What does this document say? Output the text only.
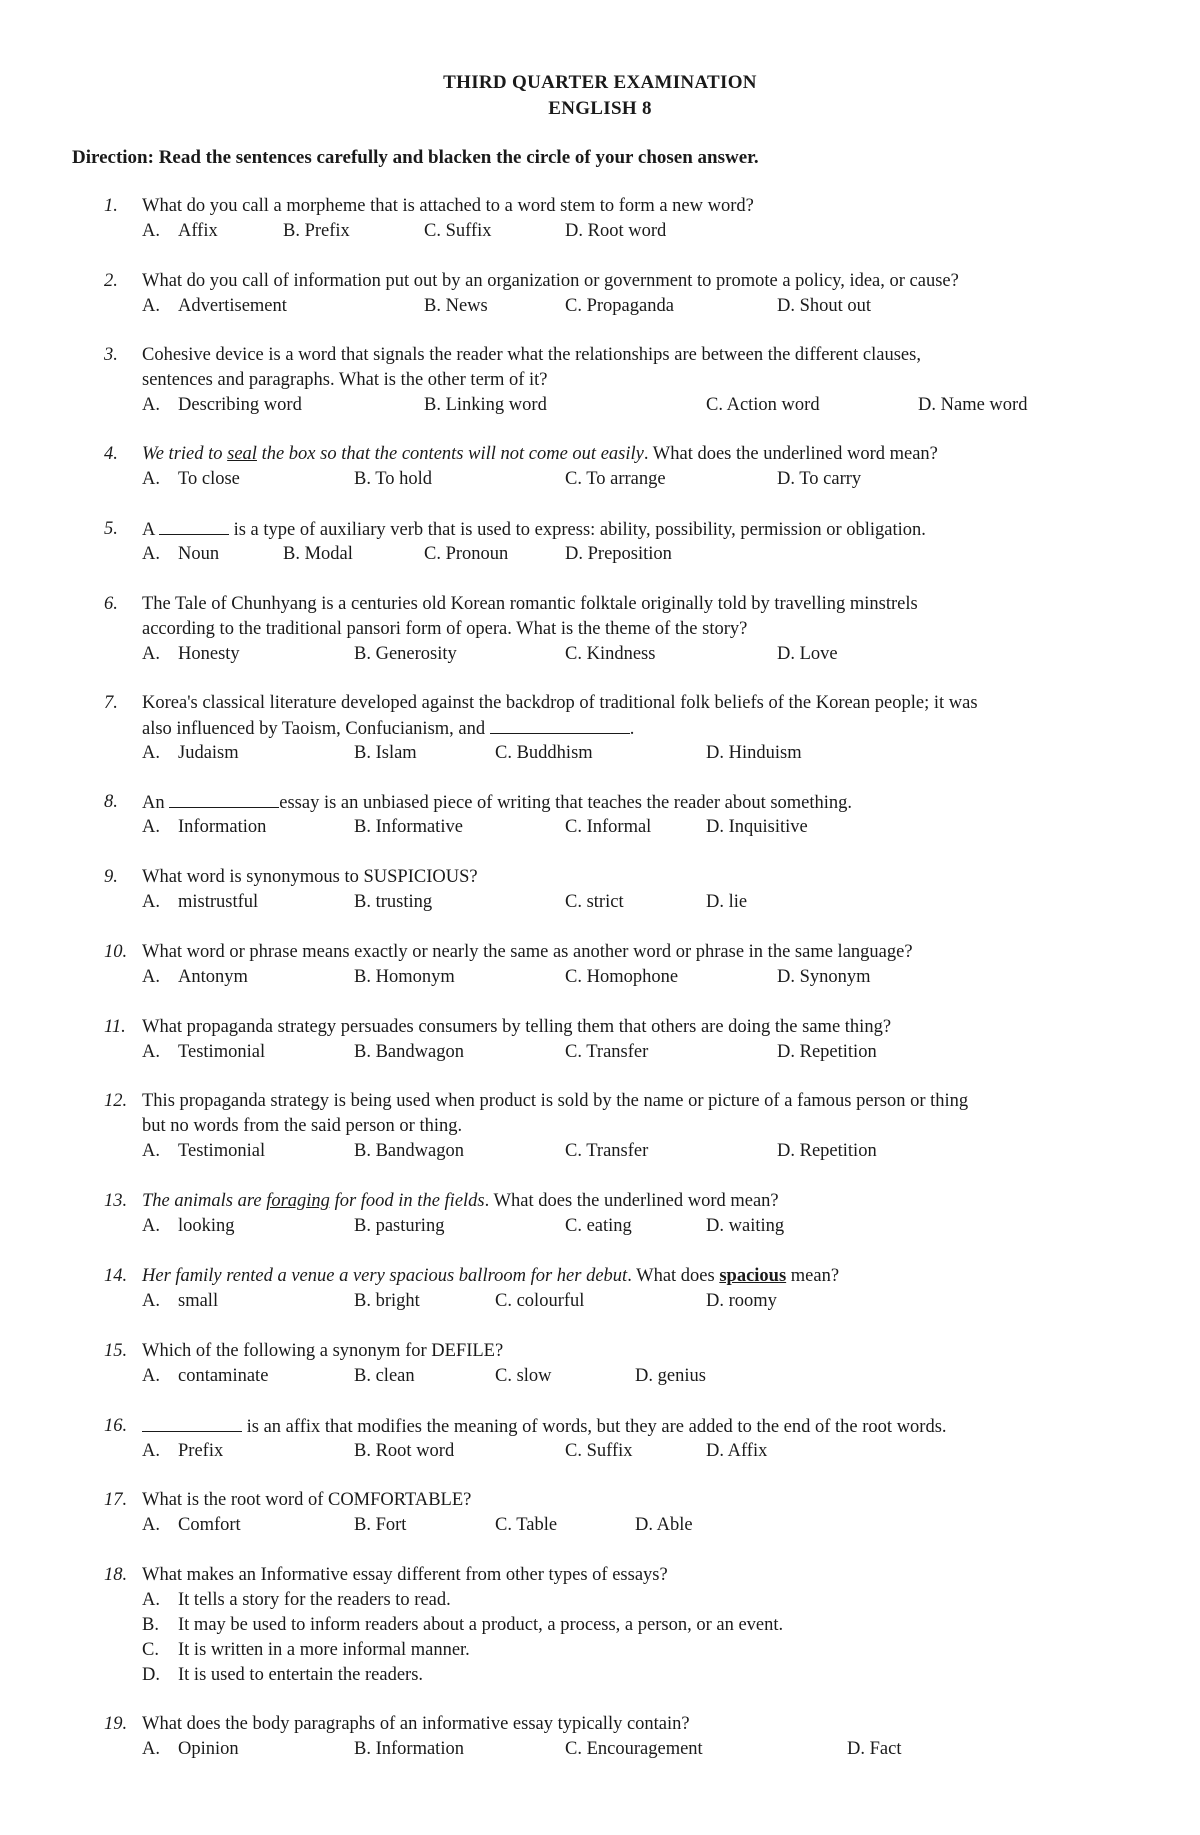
THIRD QUARTER EXAMINATION
ENGLISH 8
Direction: Read the sentences carefully and blacken the circle of your chosen answer.
1. What do you call a morpheme that is attached to a word stem to form a new word?
A. Affix	B. Prefix	C. Suffix	D. Root word
2. What do you call of information put out by an organization or government to promote a policy, idea, or cause?
A. Advertisement	B. News	C. Propaganda	D. Shout out
3. Cohesive device is a word that signals the reader what the relationships are between the different clauses,
sentences and paragraphs. What is the other term of it?
A. Describing word	B. Linking word	C. Action word	D. Name word
4. We tried to seal the box so that the contents will not come out easily. What does the underlined word mean?
A. To close	B. To hold	C. To arrange	D. To carry
5. A	is a type of auxiliary verb that is used to express: ability, possibility, permission or obligation.
A. Noun	B. Modal	C. Pronoun	D. Preposition
6. The Tale of Chunhyang is a centuries old Korean romantic folktale originally told by travelling minstrels
according to the traditional pansori form of opera. What is the theme of the story?
A. Honesty	B. Generosity	C. Kindness	D. Love
7. Korea's classical literature developed against the backdrop of traditional folk beliefs of the Korean people; it was
also influenced by Taoism, Confucianism, and	.
A. Judaism	B. Islam	C. Buddhism	D. Hinduism
8. An	essay is an unbiased piece of writing that teaches the reader about something.
A. Information	B. Informative	C. Informal	D. Inquisitive
9. What word is synonymous to SUSPICIOUS?
A. mistrustful	B. trusting	C. strict	D. lie
10. What word or phrase means exactly or nearly the same as another word or phrase in the same language?
A. Antonym	B. Homonym	C. Homophone	D. Synonym
11. What propaganda strategy persuades consumers by telling them that others are doing the same thing?
A. Testimonial	B. Bandwagon	C. Transfer	D. Repetition
12. This propaganda strategy is being used when product is sold by the name or picture of a famous person or thing
but no words from the said person or thing.
A. Testimonial	B. Bandwagon	C. Transfer	D. Repetition
13. The animals are foraging for food in the fields. What does the underlined word mean?
A. looking	B. pasturing	C. eating	D. waiting
14. Her family rented a venue a very spacious ballroom for her debut. What does spacious mean?
A. small	B. bright	C. colourful	D. roomy
15. Which of the following a synonym for DEFILE?
A. contaminate	B. clean	C. slow	D. genius
16.	is an affix that modifies the meaning of words, but they are added to the end of the root words.
A. Prefix	B. Root word	C. Suffix	D. Affix
17. What is the root word of COMFORTABLE?
A. Comfort	B. Fort	C. Table	D. Able
18. What makes an Informative essay different from other types of essays?
A. It tells a story for the readers to read.
B. It may be used to inform readers about a product, a process, a person, or an event.
C. It is written in a more informal manner.
D. It is used to entertain the readers.
19. What does the body paragraphs of an informative essay typically contain?
A. Opinion	B. Information	C. Encouragement	D. Fact
